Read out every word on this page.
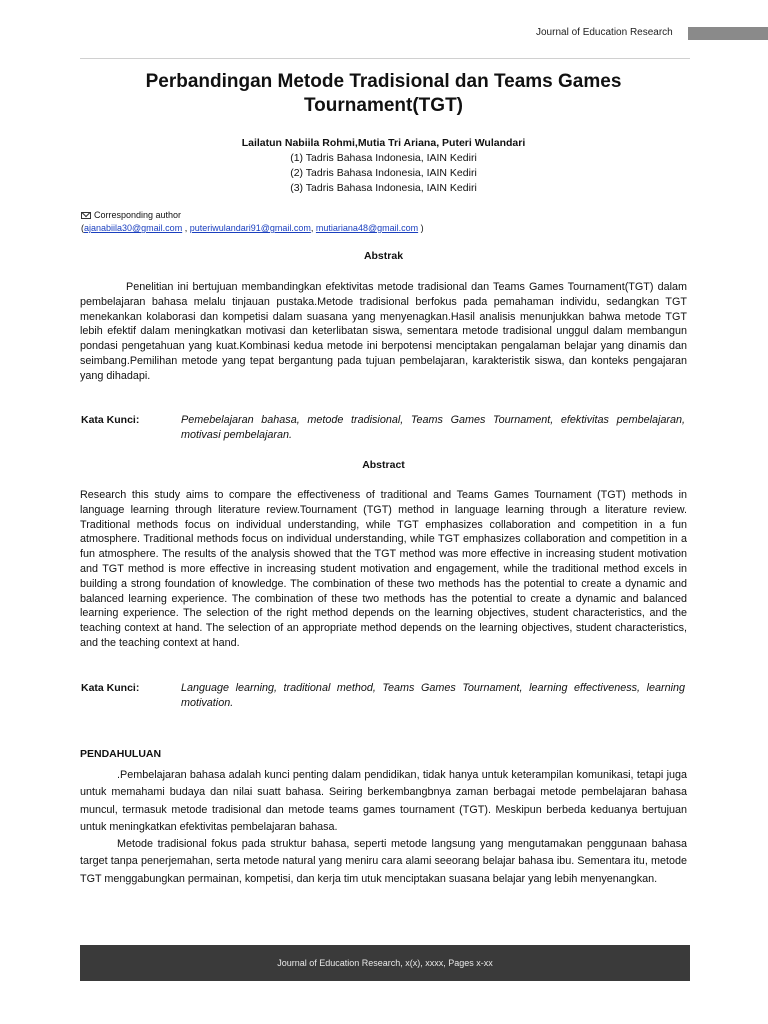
Journal of Education Research
Perbandingan Metode Tradisional dan Teams Games Tournament(TGT)
Lailatun Nabiila Rohmi,Mutia Tri Ariana, Puteri Wulandari
(1) Tadris Bahasa Indonesia, IAIN Kediri
(2) Tadris Bahasa Indonesia, IAIN Kediri
(3) Tadris Bahasa Indonesia, IAIN Kediri
Corresponding author
(ajanabiila30@gmail.com , puteriwulandari91@gmail.com, mutiariana48@gmail.com )
Abstrak

Penelitian ini bertujuan membandingkan efektivitas metode tradisional dan Teams Games Tournament(TGT) dalam pembelajaran bahasa melalu tinjauan pustaka.Metode tradisional berfokus pada pemahaman individu, sedangkan TGT menekankan kolaborasi dan kompetisi dalam suasana yang menyenagkan.Hasil analisis menunjukkan bahwa metode TGT lebih efektif dalam meningkatkan motivasi dan keterlibatan siswa, sementara metode tradisional unggul dalam membangun pondasi pengetahuan yang kuat.Kombinasi kedua metode ini berpotensi menciptakan pengalaman belajar yang dinamis dan seimbang.Pemilihan metode yang tepat bergantung pada tujuan pembelajaran, karakteristik siswa, dan konteks pengajaran yang dihadapi.

Kata Kunci:	Pemebelajaran bahasa, metode tradisional, Teams Games Tournament, efektivitas pembelajaran, motivasi pembelajaran.

Abstract

Research this study aims to compare the effectiveness of traditional and Teams Games Tournament (TGT) methods in language learning through literature review.Tournament (TGT) method in language learning through a literature review. Traditional methods focus on individual understanding, while TGT emphasizes collaboration and competition in a fun atmosphere. Traditional methods focus on individual understanding, while TGT emphasizes collaboration and competition in a fun atmosphere. The results of the analysis showed that the TGT method was more effective in increasing student motivation and TGT method is more effective in increasing student motivation and engagement, while the traditional method excels in building a strong foundation of knowledge. The combination of these two methods has the potential to create a dynamic and balanced learning experience. The combination of these two methods has the potential to create a dynamic and balanced learning experience. The selection of the right method depends on the learning objectives, student characteristics, and the teaching context at hand. The selection of an appropriate method depends on the learning objectives, student characteristics, and the teaching context at hand.

Kata Kunci:	Language learning, traditional method, Teams Games Tournament, learning effectiveness, learning motivation.

PENDAHULUAN

.Pembelajaran bahasa adalah kunci penting dalam pendidikan, tidak hanya untuk keterampilan komunikasi, tetapi juga untuk memahami budaya dan nilai suatt bahasa. Seiring berkembangbnya zaman berbagai metode pembelajaran bahasa muncul, termasuk metode tradisional dan metode teams games tournament (TGT). Meskipun berbeda keduanya bertujuan untuk meningkatkan efektivitas pembelajaran bahasa.

Metode tradisional fokus pada struktur bahasa, seperti metode langsung yang mengutamakan penggunaan bahasa target tanpa penerjemahan, serta metode natural yang meniru cara alami seeorang belajar bahasa ibu. Sementara itu, metode TGT menggabungkan permainan, kompetisi, dan kerja tim utuk menciptakan suasana belajar yang lebih menyenangkan.

Journal of Education Research, x(x), xxxx, Pages x-xx
